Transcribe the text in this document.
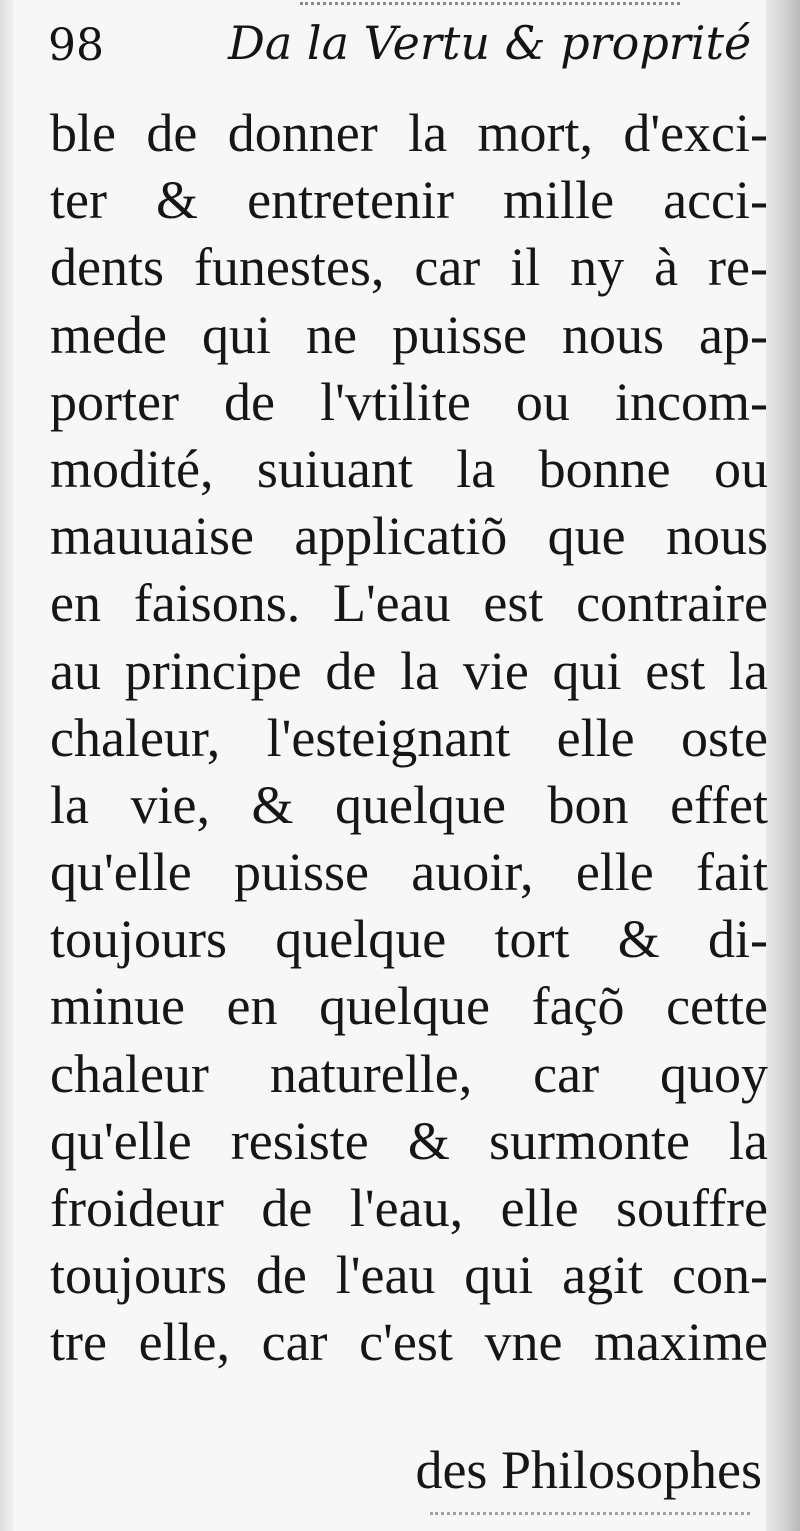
98	Da la Vertu & proprité
ble de donner la mort, d'exci-
ter & entretenir mille acci-
dents funestes, car il ny à re-
mede qui ne puisse nous ap-
porter de l'vtilite ou incom-
modité, suiuant la bonne ou
mauuaise applicatiõ que nous
en faisons. L'eau est contraire
au principe de la vie qui est la
chaleur, l'esteignant elle oste
la vie, & quelque bon effet
qu'elle puisse auoir, elle fait
toujours quelque tort & di-
minue en quelque façõ cette
chaleur naturelle, car quoy
qu'elle resiste & surmonte la
froideur de l'eau, elle souffre
toujours de l'eau qui agit con-
tre elle, car c'est vne maxime
des Philosophes
